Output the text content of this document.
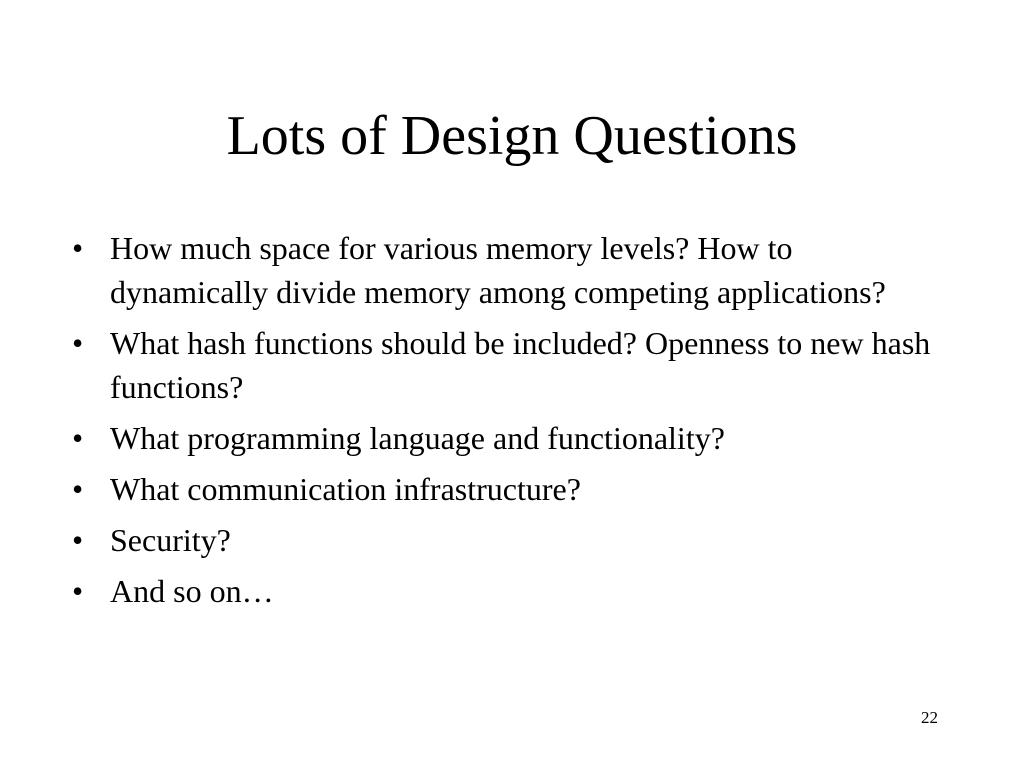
Lots of Design Questions
• How much space for various memory levels? How to dynamically divide memory among competing applications?
• What hash functions should be included? Openness to new hash functions?
• What programming language and functionality?
• What communication infrastructure?
• Security?
• And so on…
22
